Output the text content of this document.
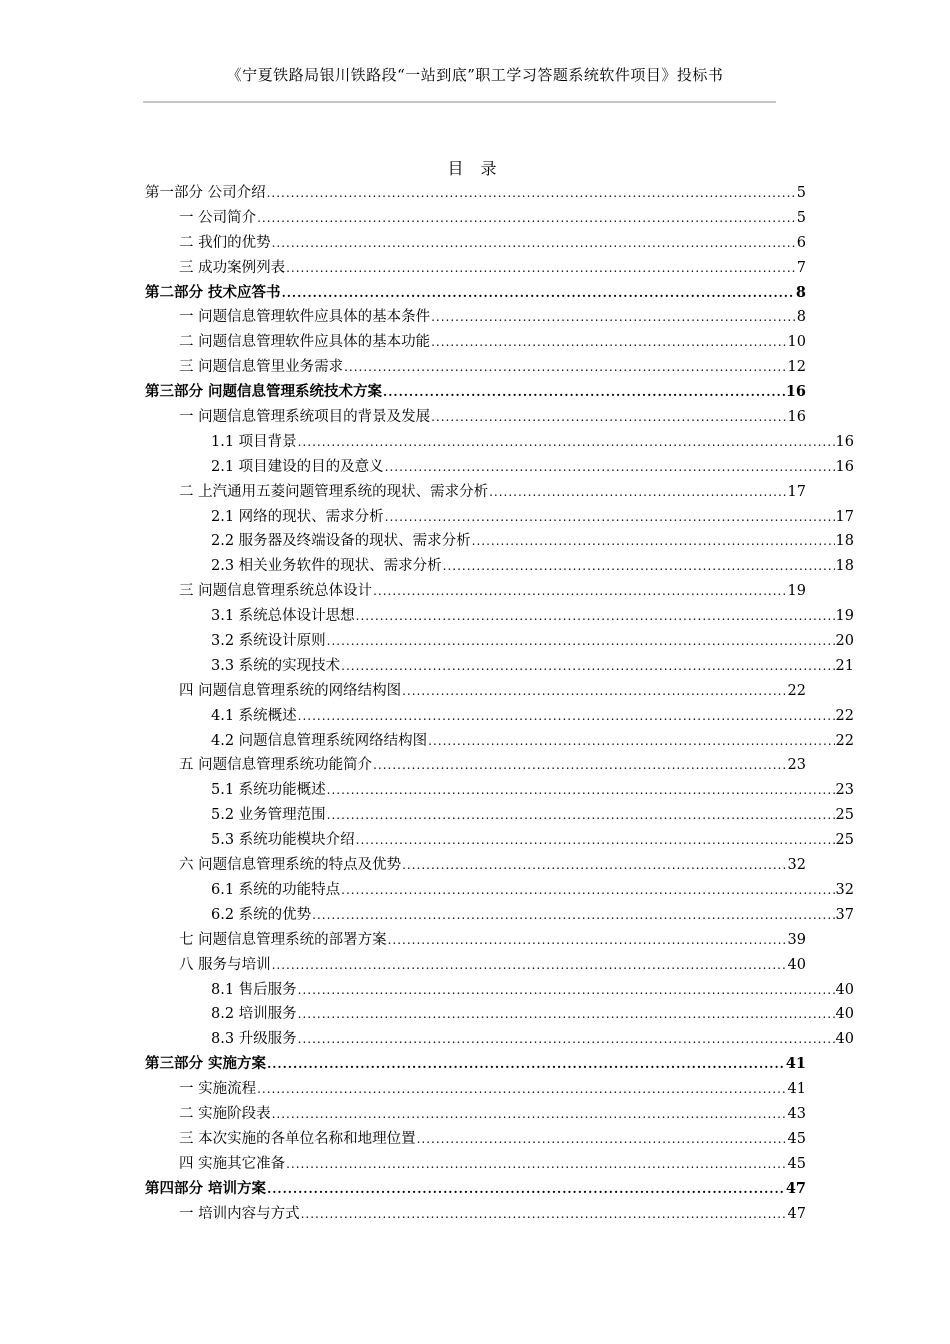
《宁夏铁路局银川铁路段“一站到底”职工学习答题系统软件项目》投标书
目 录
第一部分 公司介绍 .....	5
一 公司简介 .....	5
二 我们的优势 .....	6
三 成功案例列表 .....	7
第二部分 技术应答书 .....	8
一 问题信息管理软件应具体的基本条件 .....	8
二 问题信息管理软件应具体的基本功能 .....	10
三 问题信息管里业务需求 .....	12
第三部分 问题信息管理系统技术方案 .....	16
一 问题信息管理系统项目的背景及发展 .....	16
1.1 项目背景 .....	16
2.1 项目建设的目的及意义 .....	16
二 上汽通用五菱问题管理系统的现状、需求分析 .....	17
2.1 网络的现状、需求分析 .....	17
2.2 服务器及终端设备的现状、需求分析 .....	18
2.3 相关业务软件的现状、需求分析 .....	18
三 问题信息管理系统总体设计 .....	19
3.1 系统总体设计思想 .....	19
3.2 系统设计原则 .....	20
3.3 系统的实现技术 .....	21
四 问题信息管理系统的网络结构图 .....	22
4.1 系统概述 .....	22
4.2 问题信息管理系统网络结构图 .....	22
五 问题信息管理系统功能简介 .....	23
5.1 系统功能概述 .....	23
5.2 业务管理范围 .....	25
5.3 系统功能模块介绍 .....	25
六 问题信息管理系统的特点及优势 .....	32
6.1 系统的功能特点 .....	32
6.2 系统的优势 .....	37
七 问题信息管理系统的部署方案 .....	39
八 服务与培训 .....	40
8.1 售后服务 .....	40
8.2 培训服务 .....	40
8.3 升级服务 .....	40
第三部分 实施方案 .....	41
一 实施流程 .....	41
二 实施阶段表 .....	43
三 本次实施的各单位名称和地理位置 .....	45
四 实施其它准备 .....	45
第四部分 培训方案 .....	47
一 培训内容与方式 .....	47
